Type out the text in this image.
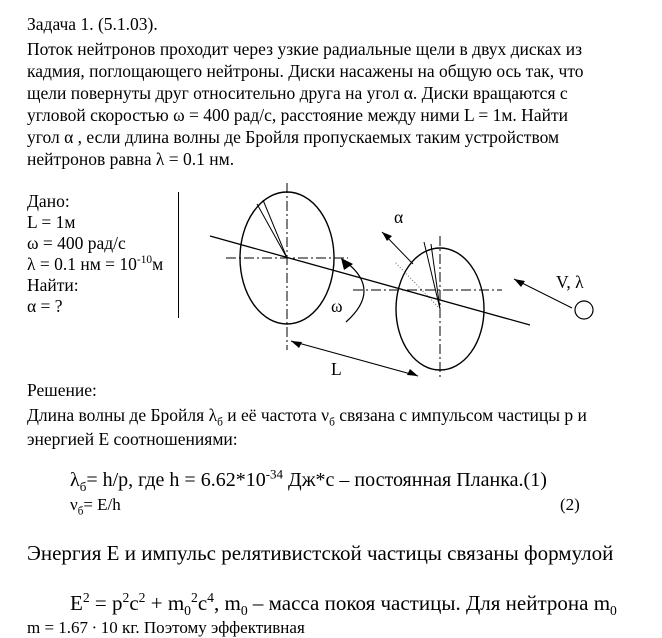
Задача 1. (5.1.03).
Поток нейтронов проходит через узкие радиальные щели в двух дисках из
кадмия, поглощающего нейтроны. Диски насажены на общую ось так, что
щели повернуты друг относительно друга на угол α. Диски вращаются с
угловой скоростью ω = 400 рад/с, расстояние между ними L = 1м. Найти
угол α , если длина волны де Бройля пропускаемых таким устройством
нейтронов равна λ = 0.1 нм.
Дано:
L = 1м
ω = 400 рад/с
λ = 0.1 нм = $10^{-10}м$
Найти:
α = ?
α
ω
L
V, λ
Решение:
Длина волны де Бройля $\lambda_б$ и её частота $\nu_б$ связана с импульсом частицы р и
энергией Е соотношениями:
$\lambda_б= h/p$, где $h = 6.62*10^{-34}$ Дж*с – постоянная Планка.(1)
$\nu_б= E/h$	(2)
Энергия Е и импульс релятивистской частицы связаны формулой
$E^2 = p^2c^2 + m_0^2c^4$, $m_0$ – масса покоя частицы. Для нейтрона $m_0$
m = 1.67 ∙ 10 кг. Поэтому эффективная
